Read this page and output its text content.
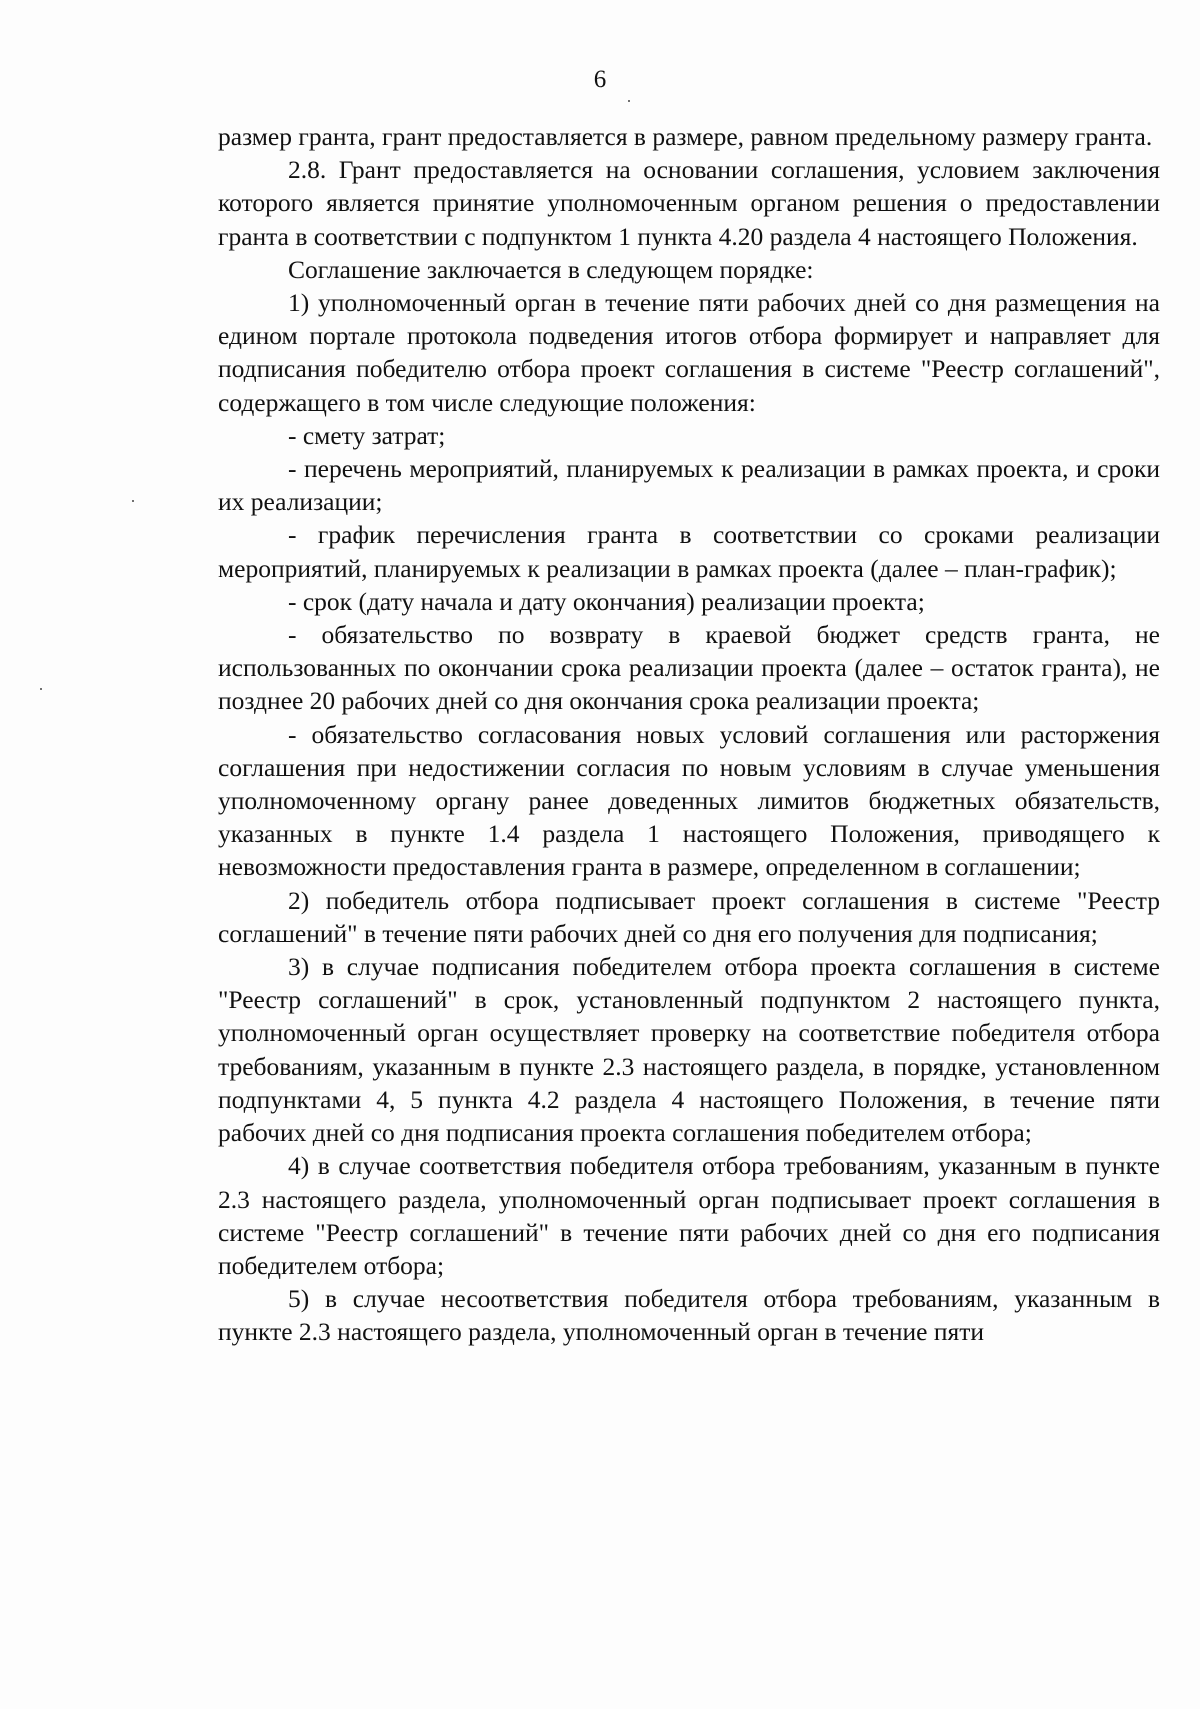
6

размер гранта, грант предоставляется в размере, равном предельному размеру гранта.

2.8. Грант предоставляется на основании соглашения, условием заключения которого является принятие уполномоченным органом решения о предоставлении гранта в соответствии с подпунктом 1 пункта 4.20 раздела 4 настоящего Положения.

Соглашение заключается в следующем порядке:

1) уполномоченный орган в течение пяти рабочих дней со дня размещения на едином портале протокола подведения итогов отбора формирует и направляет для подписания победителю отбора проект соглашения в системе "Реестр соглашений", содержащего в том числе следующие положения:

- смету затрат;

- перечень мероприятий, планируемых к реализации в рамках проекта, и сроки их реализации;

- график перечисления гранта в соответствии со сроками реализации мероприятий, планируемых к реализации в рамках проекта (далее – план-график);

- срок (дату начала и дату окончания) реализации проекта;

- обязательство по возврату в краевой бюджет средств гранта, не использованных по окончании срока реализации проекта (далее – остаток гранта), не позднее 20 рабочих дней со дня окончания срока реализации проекта;

- обязательство согласования новых условий соглашения или расторжения соглашения при недостижении согласия по новым условиям в случае уменьшения уполномоченному органу ранее доведенных лимитов бюджетных обязательств, указанных в пункте 1.4 раздела 1 настоящего Положения, приводящего к невозможности предоставления гранта в размере, определенном в соглашении;

2) победитель отбора подписывает проект соглашения в системе "Реестр соглашений" в течение пяти рабочих дней со дня его получения для подписания;

3) в случае подписания победителем отбора проекта соглашения в системе "Реестр соглашений" в срок, установленный подпунктом 2 настоящего пункта, уполномоченный орган осуществляет проверку на соответствие победителя отбора требованиям, указанным в пункте 2.3 настоящего раздела, в порядке, установленном подпунктами 4, 5 пункта 4.2 раздела 4 настоящего Положения, в течение пяти рабочих дней со дня подписания проекта соглашения победителем отбора;

4) в случае соответствия победителя отбора требованиям, указанным в пункте 2.3 настоящего раздела, уполномоченный орган подписывает проект соглашения в системе "Реестр соглашений" в течение пяти рабочих дней со дня его подписания победителем отбора;

5) в случае несоответствия победителя отбора требованиям, указанным в пункте 2.3 настоящего раздела, уполномоченный орган в течение пяти
